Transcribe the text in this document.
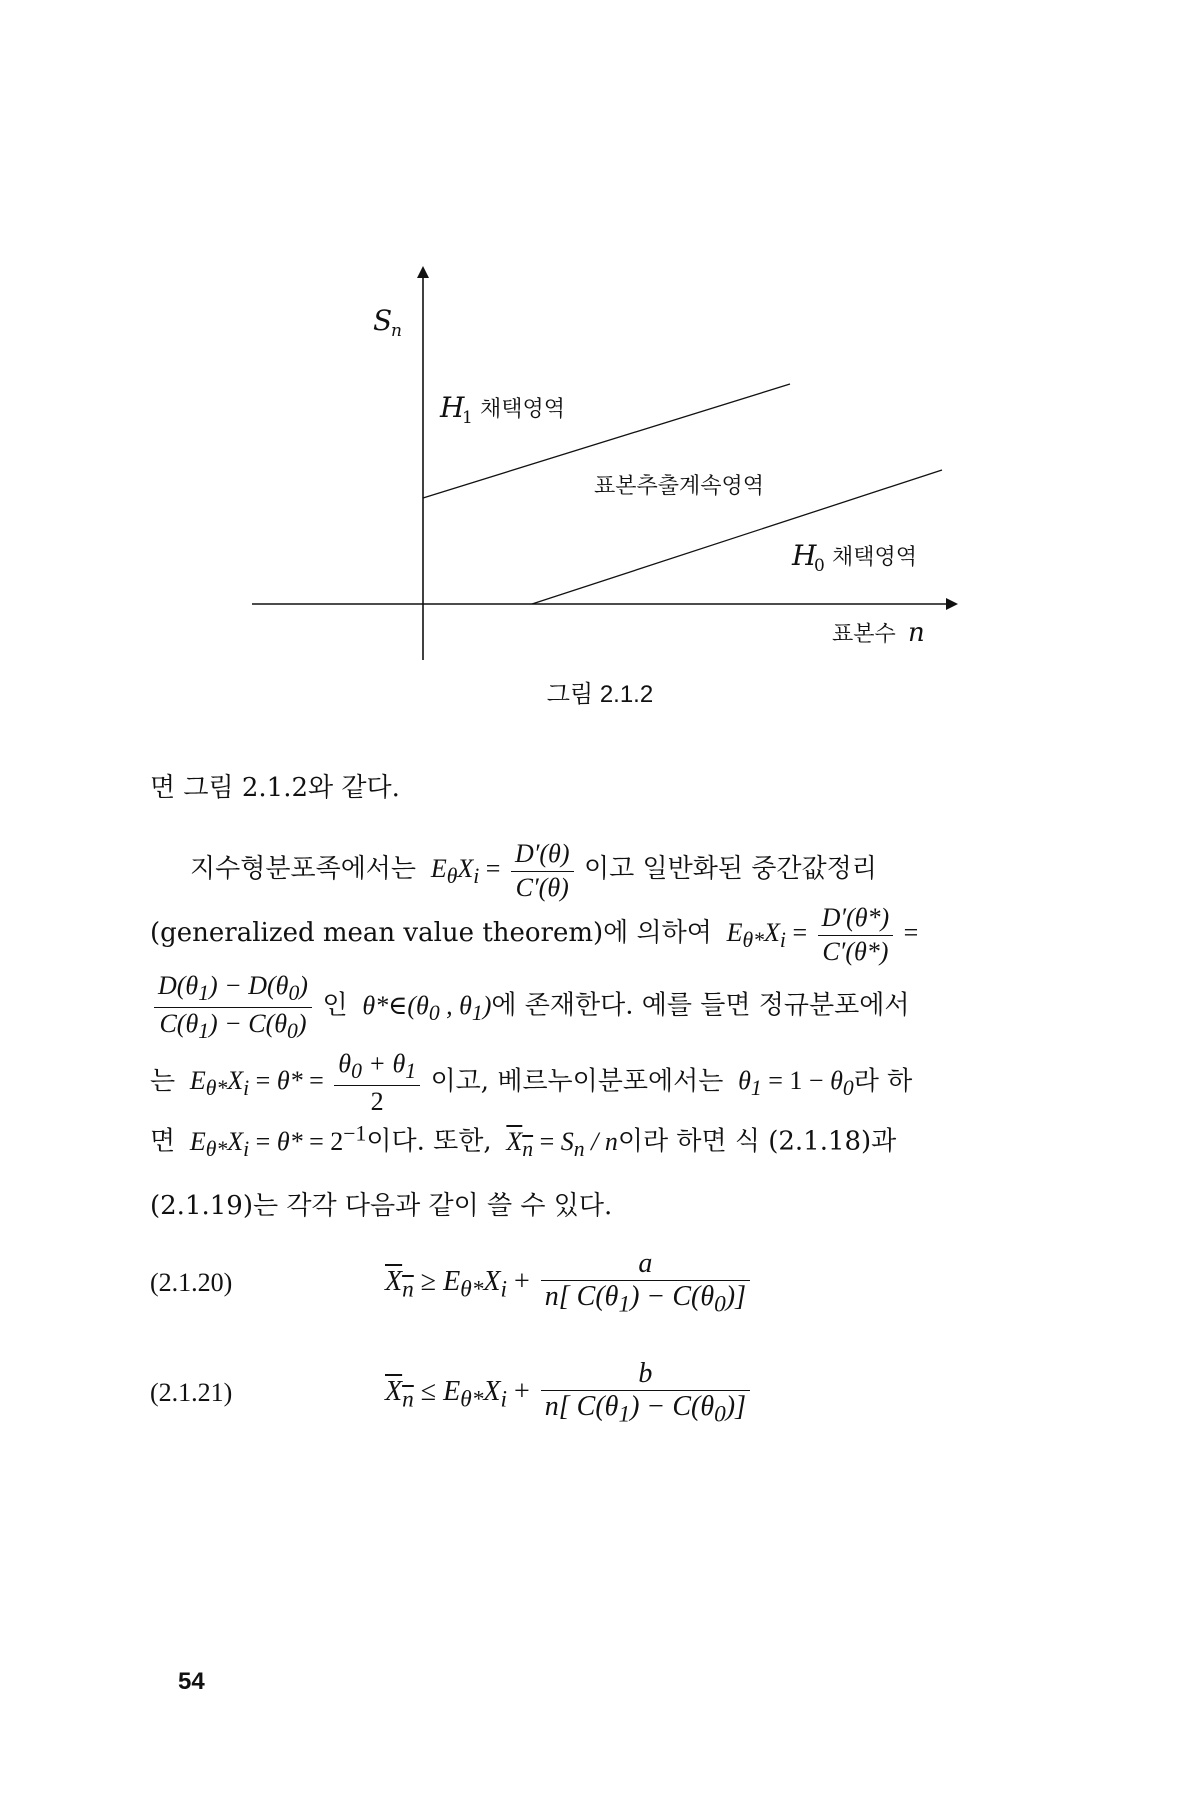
S
n
H
1 채택영역
표본추출계속영역
H
0 채택영역
표본수 n
그림 2.1.2
면 그림 2.1.2와 같다.
지수형분포족에서는  $E_\theta X_i = \frac{D'(\theta)}{C'(\theta)}$ 이고 일반화된 중간값정리
(generalized mean value theorem)에 의하여  $E_{\theta*}X_i = \frac{D'(\theta*)}{C'(\theta*)}$ =
$\frac{D(\theta_1) - D(\theta_0)}{C(\theta_1) - C(\theta_0)}$ 인  $\theta*\in(\theta_0$ , $\theta_1$)에 존재한다. 예를 들면 정규분포에서
는  $E_{\theta*}X_i = \theta* = \frac{\theta_0 + \theta_1}{2}$ 이고, 베르누이분포에서는  $\theta_1 = 1 - \theta_0$라 하
면  $E_{\theta*}X_i = \theta* = 2^{-1}$이다. 또한, $X_n = S_n / n$이라 하면 식 (2.1.18)과
(2.1.19)는 각각 다음과 같이 쓸 수 있다.
(2.1.20)	$X_n \ge E_{\theta*}X_i + \frac{a}{n[ C(\theta_1) - C(\theta_0)]}$
(2.1.21)	$X_n \le E_{\theta*}X_i + \frac{b}{n[ C(\theta_1) - C(\theta_0)]}$
54
